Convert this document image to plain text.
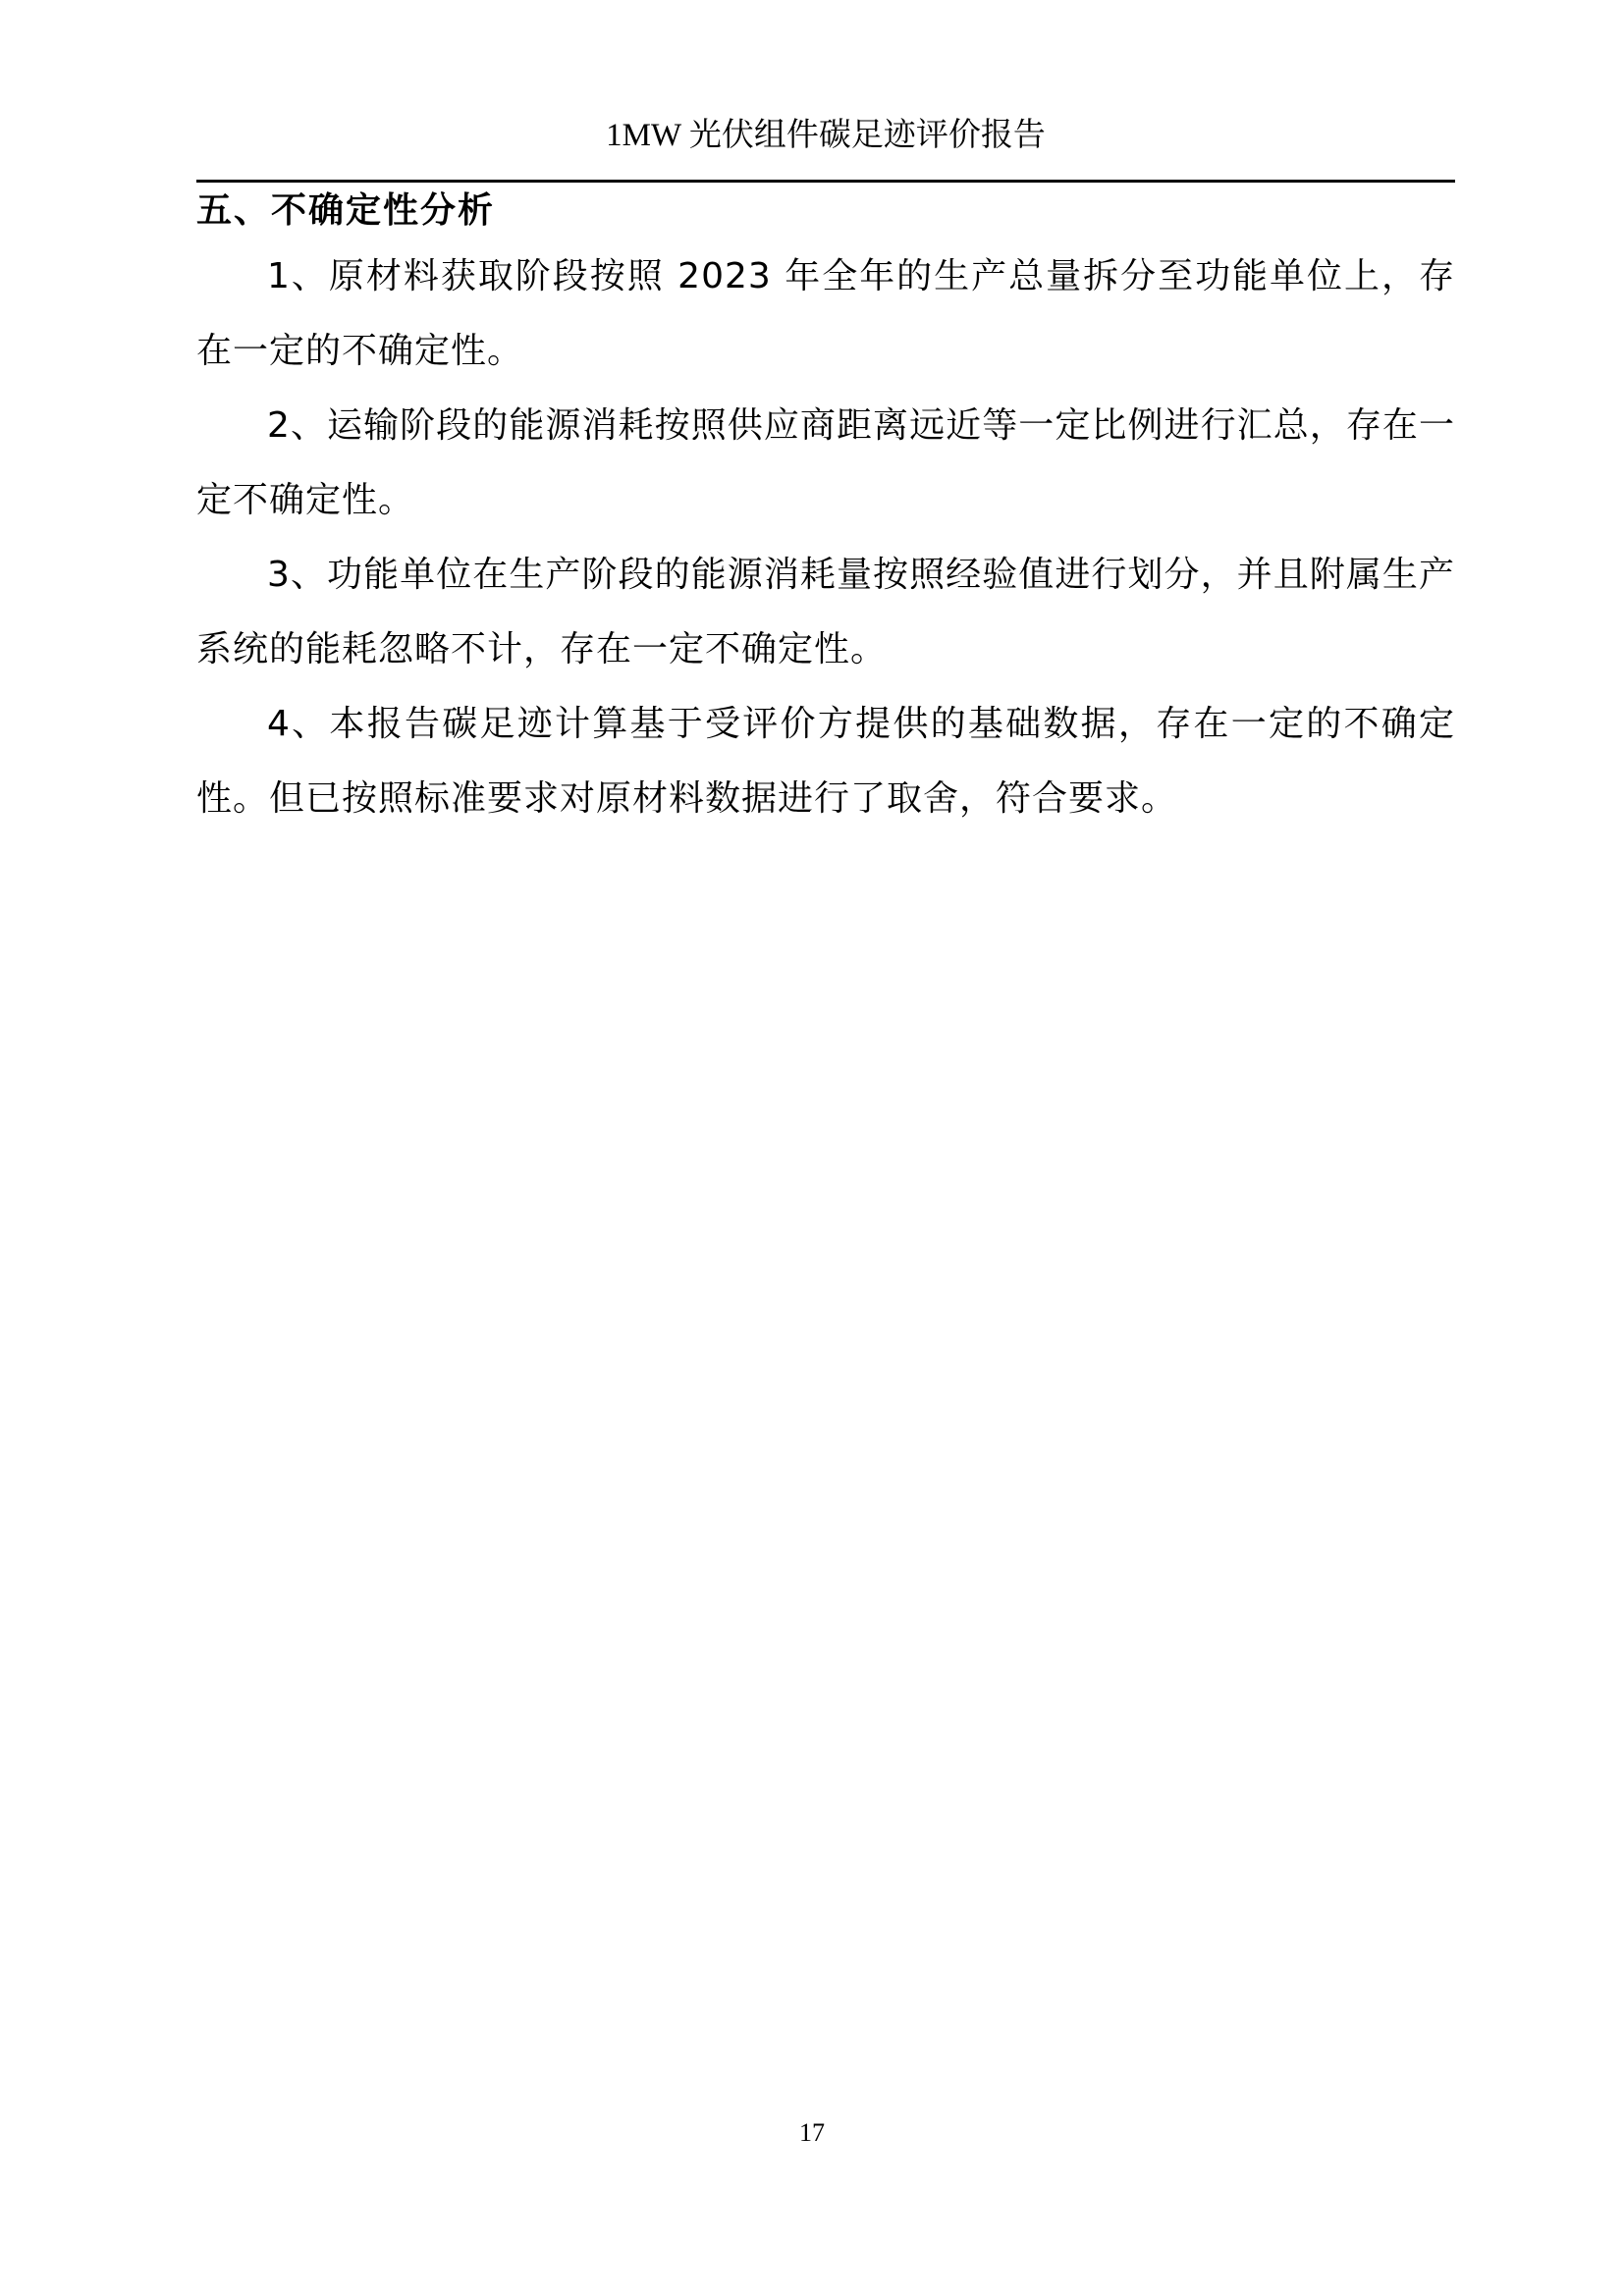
1MW 光伏组件碳足迹评价报告
五、不确定性分析

1、原材料获取阶段按照 2023 年全年的生产总量拆分至功能单位上，存在一定的不确定性。

2、运输阶段的能源消耗按照供应商距离远近等一定比例进行汇总，存在一定不确定性。

3、功能单位在生产阶段的能源消耗量按照经验值进行划分，并且附属生产系统的能耗忽略不计，存在一定不确定性。

4、本报告碳足迹计算基于受评价方提供的基础数据，存在一定的不确定性。但已按照标准要求对原材料数据进行了取舍，符合要求。

17
